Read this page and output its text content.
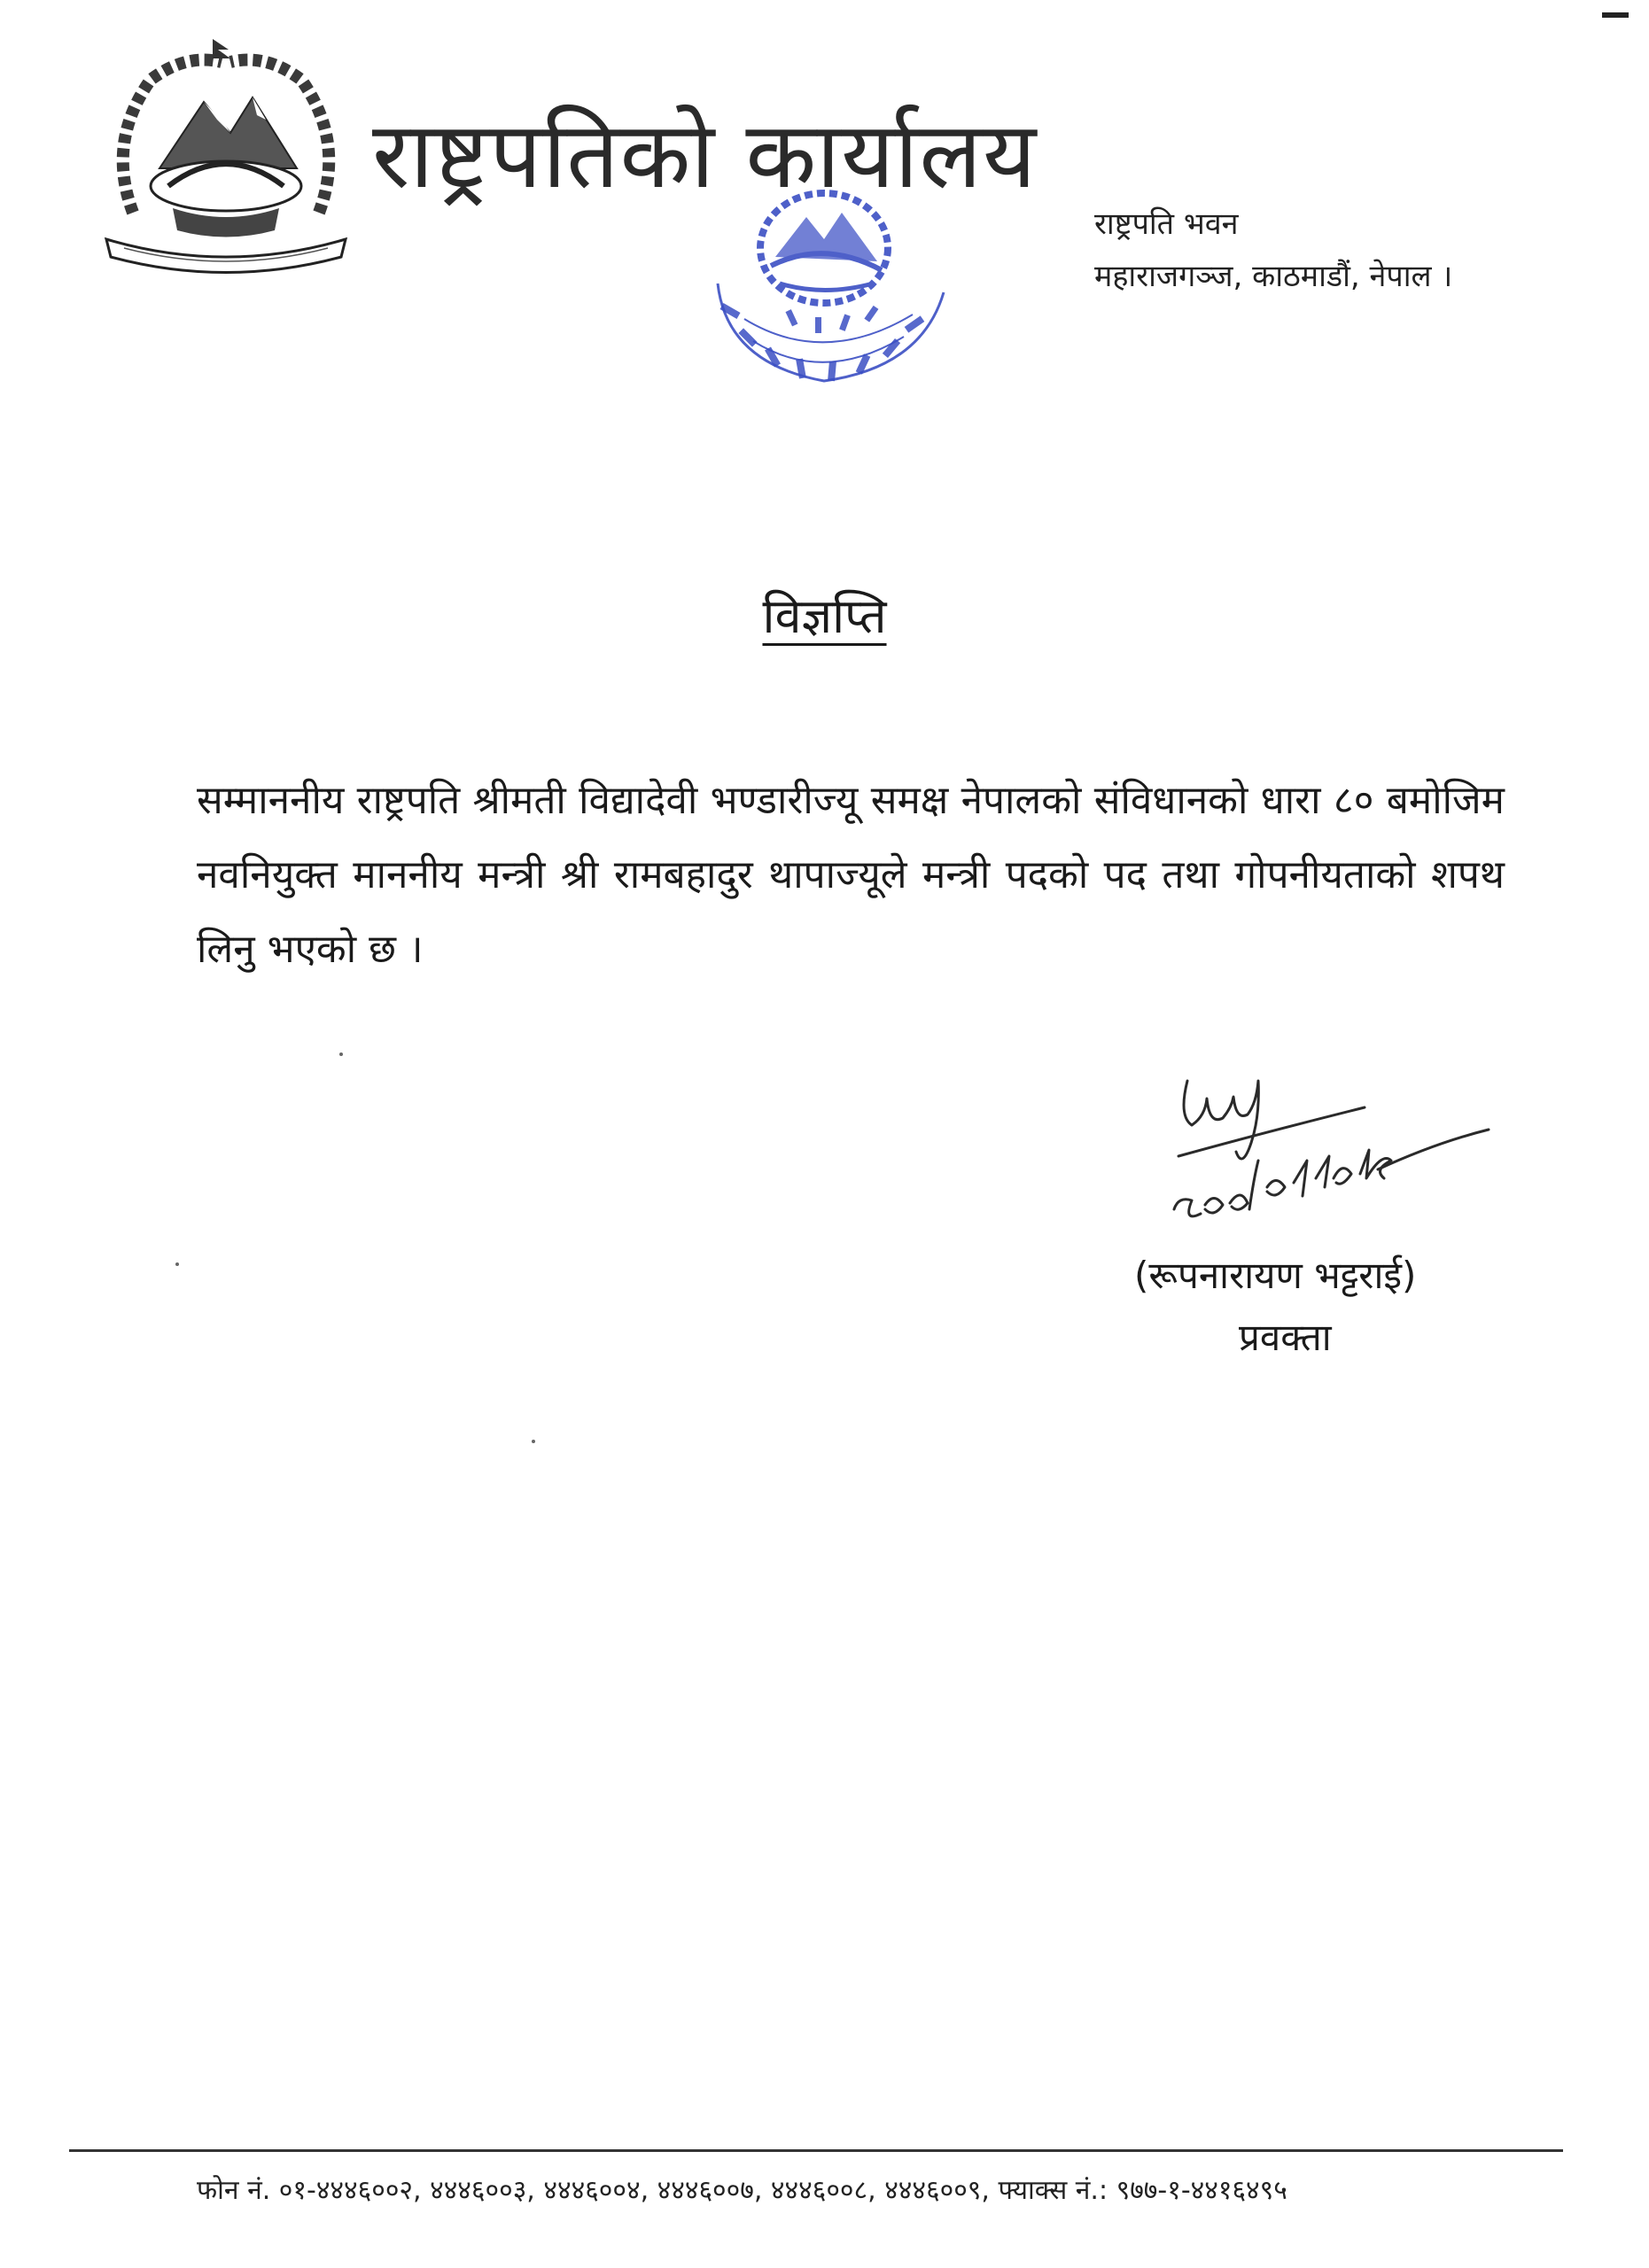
राष्ट्रपतिको कार्यालय
राष्ट्रपति भवन
महाराजगञ्ज, काठमाडौं, नेपाल ।
विज्ञप्ति
सम्माननीय राष्ट्रपति श्रीमती विद्यादेवी भण्डारीज्यू समक्ष नेपालको संविधानको धारा ८० बमोजिम नवनियुक्त माननीय मन्त्री श्री रामबहादुर थापाज्यूले मन्त्री पदको पद तथा गोपनीयताको शपथ लिनु भएको छ ।
(रूपनारायण भट्टराई)
प्रवक्ता
फोन नं. ०१-४४४६००२, ४४४६००३, ४४४६००४, ४४४६००७, ४४४६००८, ४४४६००९, फ्याक्स नं.: ९७७-१-४४१६४९५
